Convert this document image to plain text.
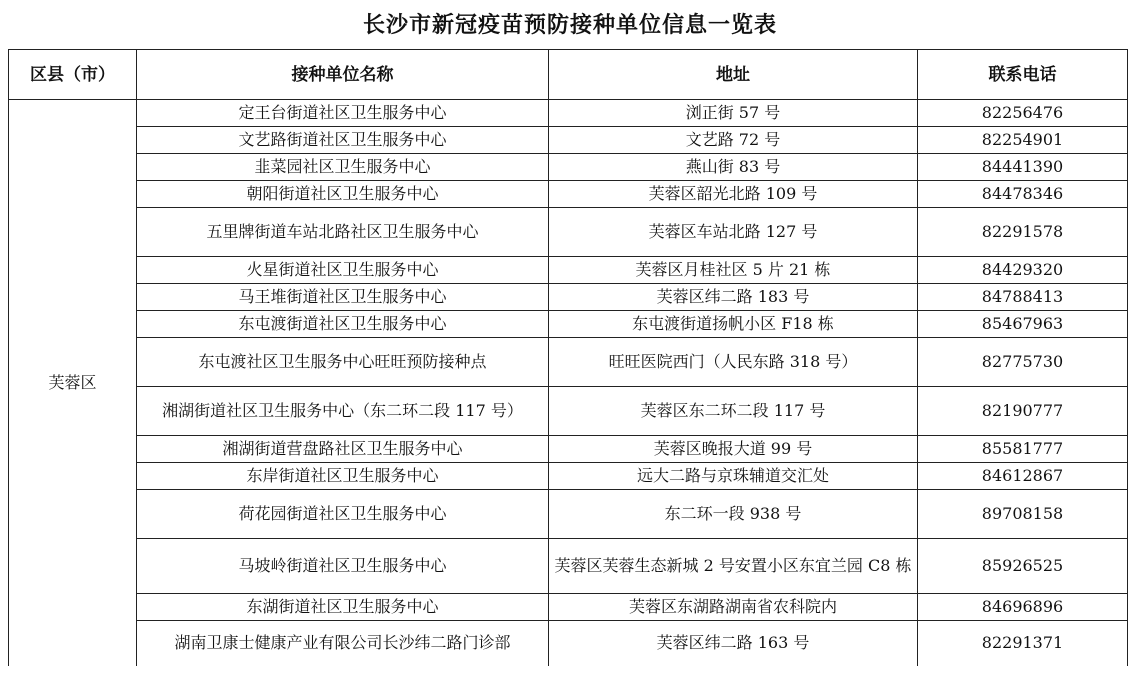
长沙市新冠疫苗预防接种单位信息一览表
区县（市）	接种单位名称	地址	联系电话
芙蓉区	定王台街道社区卫生服务中心	浏正街 57 号	82256476
	文艺路街道社区卫生服务中心	文艺路 72 号	82254901
	韭菜园社区卫生服务中心	燕山街 83 号	84441390
	朝阳街道社区卫生服务中心	芙蓉区韶光北路 109 号	84478346
	五里牌街道车站北路社区卫生服务中心	芙蓉区车站北路 127 号	82291578
	火星街道社区卫生服务中心	芙蓉区月桂社区 5 片 21 栋	84429320
	马王堆街道社区卫生服务中心	芙蓉区纬二路 183 号	84788413
	东屯渡街道社区卫生服务中心	东屯渡街道扬帆小区 F18 栋	85467963
	东屯渡社区卫生服务中心旺旺预防接种点	旺旺医院西门（人民东路 318 号）	82775730
	湘湖街道社区卫生服务中心（东二环二段 117 号）	芙蓉区东二环二段 117 号	82190777
	湘湖街道营盘路社区卫生服务中心	芙蓉区晚报大道 99 号	85581777
	东岸街道社区卫生服务中心	远大二路与京珠辅道交汇处	84612867
	荷花园街道社区卫生服务中心	东二环一段 938 号	89708158
	马坡岭街道社区卫生服务中心	芙蓉区芙蓉生态新城 2 号安置小区东宜兰园 C8 栋	85926525
	东湖街道社区卫生服务中心	芙蓉区东湖路湖南省农科院内	84696896
	湖南卫康士健康产业有限公司长沙纬二路门诊部	芙蓉区纬二路 163 号	82291371
